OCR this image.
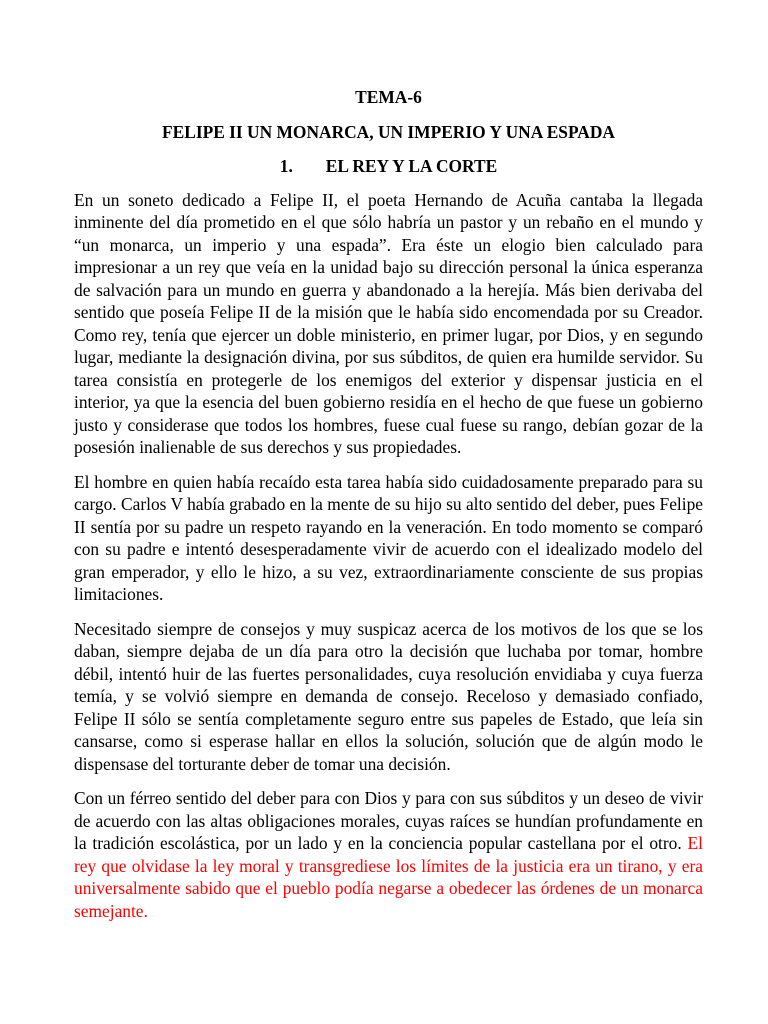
TEMA-6

FELIPE II UN MONARCA, UN IMPERIO Y UNA ESPADA

1. EL REY Y LA CORTE

En un soneto dedicado a Felipe II, el poeta Hernando de Acuña cantaba la llegada inminente del día prometido en el que sólo habría un pastor y un rebaño en el mundo y “un monarca, un imperio y una espada”. Era éste un elogio bien calculado para impresionar a un rey que veía en la unidad bajo su dirección personal la única esperanza de salvación para un mundo en guerra y abandonado a la herejía. Más bien derivaba del sentido que poseía Felipe II de la misión que le había sido encomendada por su Creador. Como rey, tenía que ejercer un doble ministerio, en primer lugar, por Dios, y en segundo lugar, mediante la designación divina, por sus súbditos, de quien era humilde servidor. Su tarea consistía en protegerle de los enemigos del exterior y dispensar justicia en el interior, ya que la esencia del buen gobierno residía en el hecho de que fuese un gobierno justo y considerase que todos los hombres, fuese cual fuese su rango, debían gozar de la posesión inalienable de sus derechos y sus propiedades.

El hombre en quien había recaído esta tarea había sido cuidadosamente preparado para su cargo. Carlos V había grabado en la mente de su hijo su alto sentido del deber, pues Felipe II sentía por su padre un respeto rayando en la veneración. En todo momento se comparó con su padre e intentó desesperadamente vivir de acuerdo con el idealizado modelo del gran emperador, y ello le hizo, a su vez, extraordinariamente consciente de sus propias limitaciones.

Necesitado siempre de consejos y muy suspicaz acerca de los motivos de los que se los daban, siempre dejaba de un día para otro la decisión que luchaba por tomar, hombre débil, intentó huir de las fuertes personalidades, cuya resolución envidiaba y cuya fuerza temía, y se volvió siempre en demanda de consejo. Receloso y demasiado confiado, Felipe II sólo se sentía completamente seguro entre sus papeles de Estado, que leía sin cansarse, como si esperase hallar en ellos la solución, solución que de algún modo le dispensase del torturante deber de tomar una decisión.

Con un férreo sentido del deber para con Dios y para con sus súbditos y un deseo de vivir de acuerdo con las altas obligaciones morales, cuyas raíces se hundían profundamente en la tradición escolástica, por un lado y en la conciencia popular castellana por el otro. El rey que olvidase la ley moral y transgrediese los límites de la justicia era un tirano, y era universalmente sabido que el pueblo podía negarse a obedecer las órdenes de un monarca semejante.
